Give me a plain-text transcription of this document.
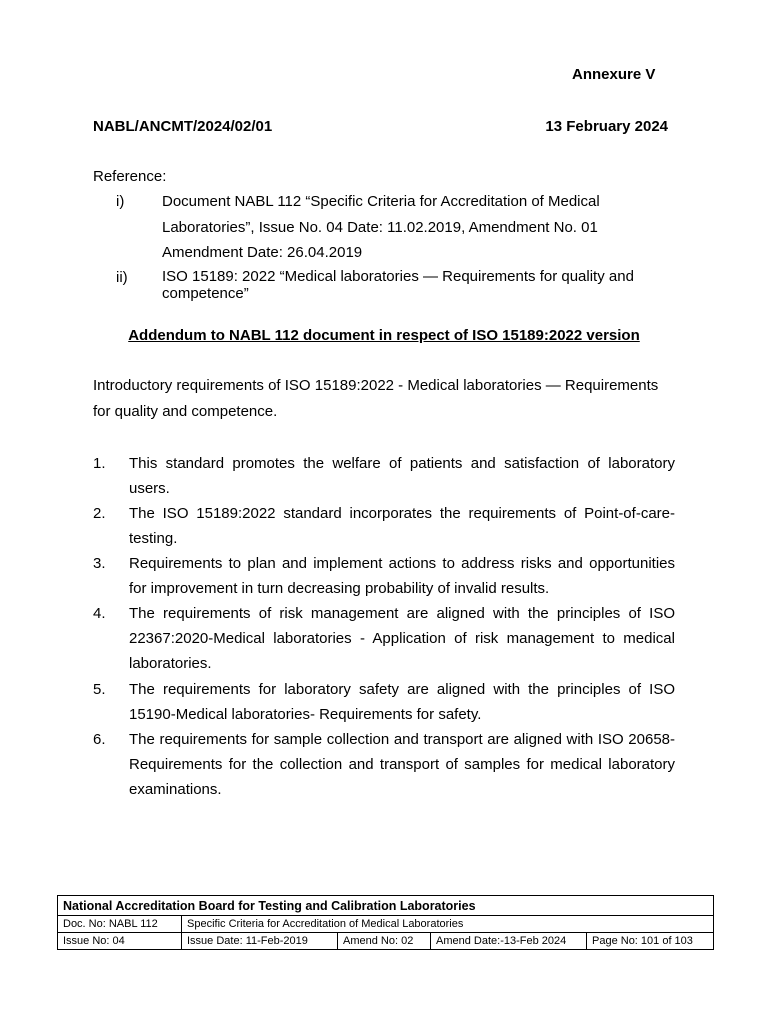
Annexure V
NABL/ANCMT/2024/02/01	13 February 2024
Reference:
i)	Document NABL 112 “Specific Criteria for Accreditation of Medical Laboratories”, Issue No. 04 Date: 11.02.2019, Amendment No. 01 Amendment Date: 26.04.2019
ii) ISO 15189: 2022 “Medical laboratories — Requirements for quality and competence”
Addendum to NABL 112 document in respect of ISO 15189:2022 version
Introductory requirements of ISO 15189:2022 - Medical laboratories — Requirements for quality and competence.
1. This standard promotes the welfare of patients and satisfaction of laboratory users.
2. The ISO 15189:2022 standard incorporates the requirements of Point-of-care-testing.
3. Requirements to plan and implement actions to address risks and opportunities for improvement in turn decreasing probability of invalid results.
4. The requirements of risk management are aligned with the principles of ISO 22367:2020-Medical laboratories - Application of risk management to medical laboratories.
5. The requirements for laboratory safety are aligned with the principles of ISO 15190-Medical laboratories- Requirements for safety.
6. The requirements for sample collection and transport are aligned with ISO 20658-Requirements for the collection and transport of samples for medical laboratory examinations.
National Accreditation Board for Testing and Calibration Laboratories				
Doc. No: NABL 112	Specific Criteria for Accreditation of Medical Laboratories			
Issue No: 04	Issue Date: 11-Feb-2019	Amend No: 02	Amend Date:-13-Feb 2024	Page No: 101 of 103
